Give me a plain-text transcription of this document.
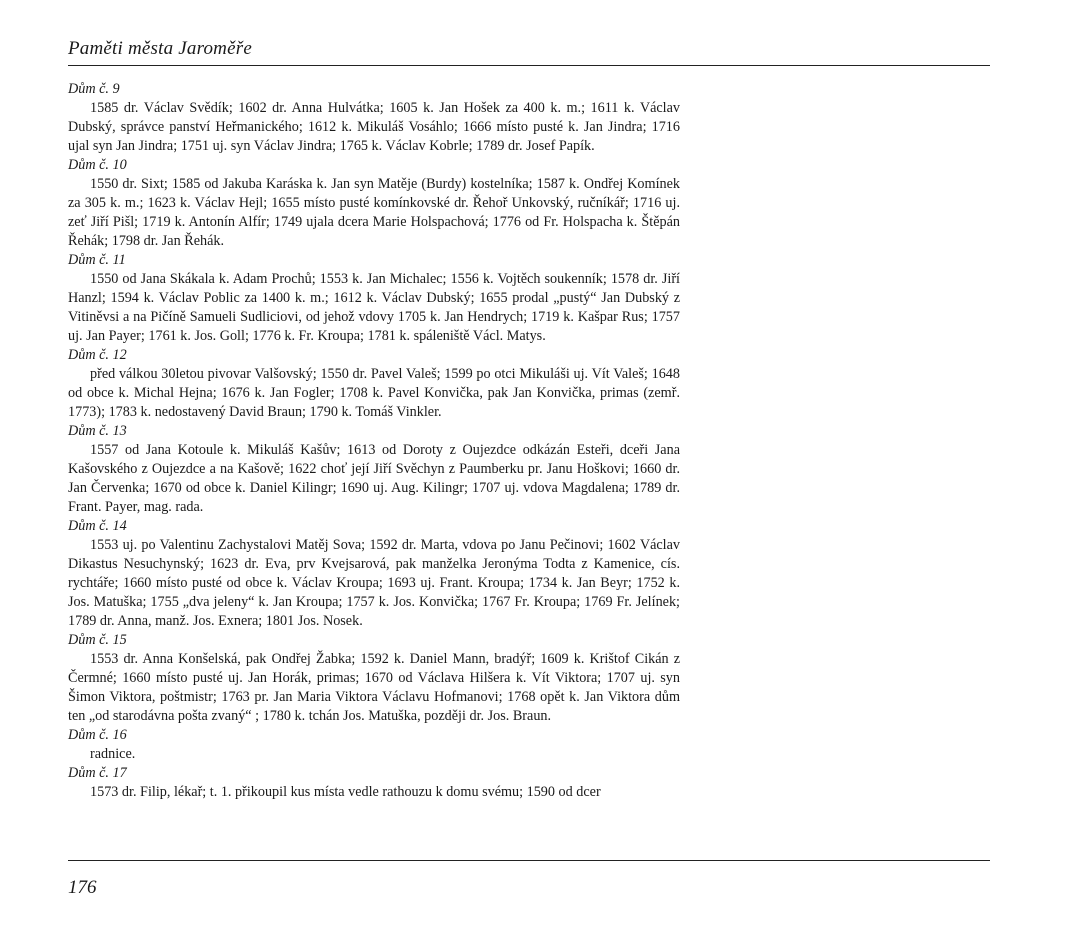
Paměti města Jaroměře
Dům č. 9
1585 dr. Václav Svědík; 1602 dr. Anna Hulvátka; 1605 k. Jan Hošek za 400 k. m.; 1611 k. Václav Dubský, správce panství Heřmanického; 1612 k. Mikuláš Vosáhlo; 1666 místo pusté k. Jan Jindra; 1716 ujal syn Jan Jindra; 1751 uj. syn Václav Jindra; 1765 k. Václav Kobrle; 1789 dr. Josef Papík.
Dům č. 10
1550 dr. Sixt; 1585 od Jakuba Karáska k. Jan syn Matěje (Burdy) kostelníka; 1587 k. Ondřej Komínek za 305 k. m.; 1623 k. Václav Hejl; 1655 místo pusté komínkovské dr. Řehoř Unkovský, ručníkář; 1716 uj. zeť Jiří Pišl; 1719 k. Antonín Alfír; 1749 ujala dcera Marie Holspachová; 1776 od Fr. Holspacha k. Štěpán Řehák; 1798 dr. Jan Řehák.
Dům č. 11
1550 od Jana Skákala k. Adam Prochů; 1553 k. Jan Michalec; 1556 k. Vojtěch soukenník; 1578 dr. Jiří Hanzl; 1594 k. Václav Poblic za 1400 k. m.; 1612 k. Václav Dubský; 1655 prodal „pustý“ Jan Dubský z Vitiněvsi a na Pičíně Samueli Sudliciovi, od jehož vdovy 1705 k. Jan Hendrych; 1719 k. Kašpar Rus; 1757 uj. Jan Payer; 1761 k. Jos. Goll; 1776 k. Fr. Kroupa; 1781 k. spáleniště Václ. Matys.
Dům č. 12
před válkou 30letou pivovar Valšovský; 1550 dr. Pavel Valeš; 1599 po otci Mikuláši uj. Vít Valeš; 1648 od obce k. Michal Hejna; 1676 k. Jan Fogler; 1708 k. Pavel Konvička, pak Jan Konvička, primas (zemř. 1773); 1783 k. nedostavený David Braun; 1790 k. Tomáš Vinkler.
Dům č. 13
1557 od Jana Kotoule k. Mikuláš Kašův; 1613 od Doroty z Oujezdce odkázán Esteři, dceři Jana Kašovského z Oujezdce a na Kašově; 1622 choť její Jiří Svěchyn z Paumberku pr. Janu Hoškovi; 1660 dr. Jan Červenka; 1670 od obce k. Daniel Kilingr; 1690 uj. Aug. Kilingr; 1707 uj. vdova Magdalena; 1789 dr. Frant. Payer, mag. rada.
Dům č. 14
1553 uj. po Valentinu Zachystalovi Matěj Sova; 1592 dr. Marta, vdova po Janu Pečinovi; 1602 Václav Dikastus Nesuchynský; 1623 dr. Eva, prv Kvejsarová, pak manželka Jeronýma Todta z Kamenice, cís. rychtáře; 1660 místo pusté od obce k. Václav Kroupa; 1693 uj. Frant. Kroupa; 1734 k. Jan Beyr; 1752 k. Jos. Matuška; 1755 „dva jeleny“ k. Jan Kroupa; 1757 k. Jos. Konvička; 1767 Fr. Kroupa; 1769 Fr. Jelínek; 1789 dr. Anna, manž. Jos. Exnera; 1801 Jos. Nosek.
Dům č. 15
1553 dr. Anna Konšelská, pak Ondřej Žabka; 1592 k. Daniel Mann, bradýř; 1609 k. Krištof Cikán z Čermné; 1660 místo pusté uj. Jan Horák, primas; 1670 od Václava Hilšera k. Vít Viktora; 1707 uj. syn Šimon Viktora, poštmistr; 1763 pr. Jan Maria Viktora Václavu Hofmanovi; 1768 opět k. Jan Viktora dům ten „od starodávna pošta zvaný“ ; 1780 k. tchán Jos. Matuška, později dr. Jos. Braun.
Dům č. 16
radnice.
Dům č. 17
1573 dr. Filip, lékař; t. 1. přikoupil kus místa vedle rathouzu k domu svému; 1590 od dcer

176
